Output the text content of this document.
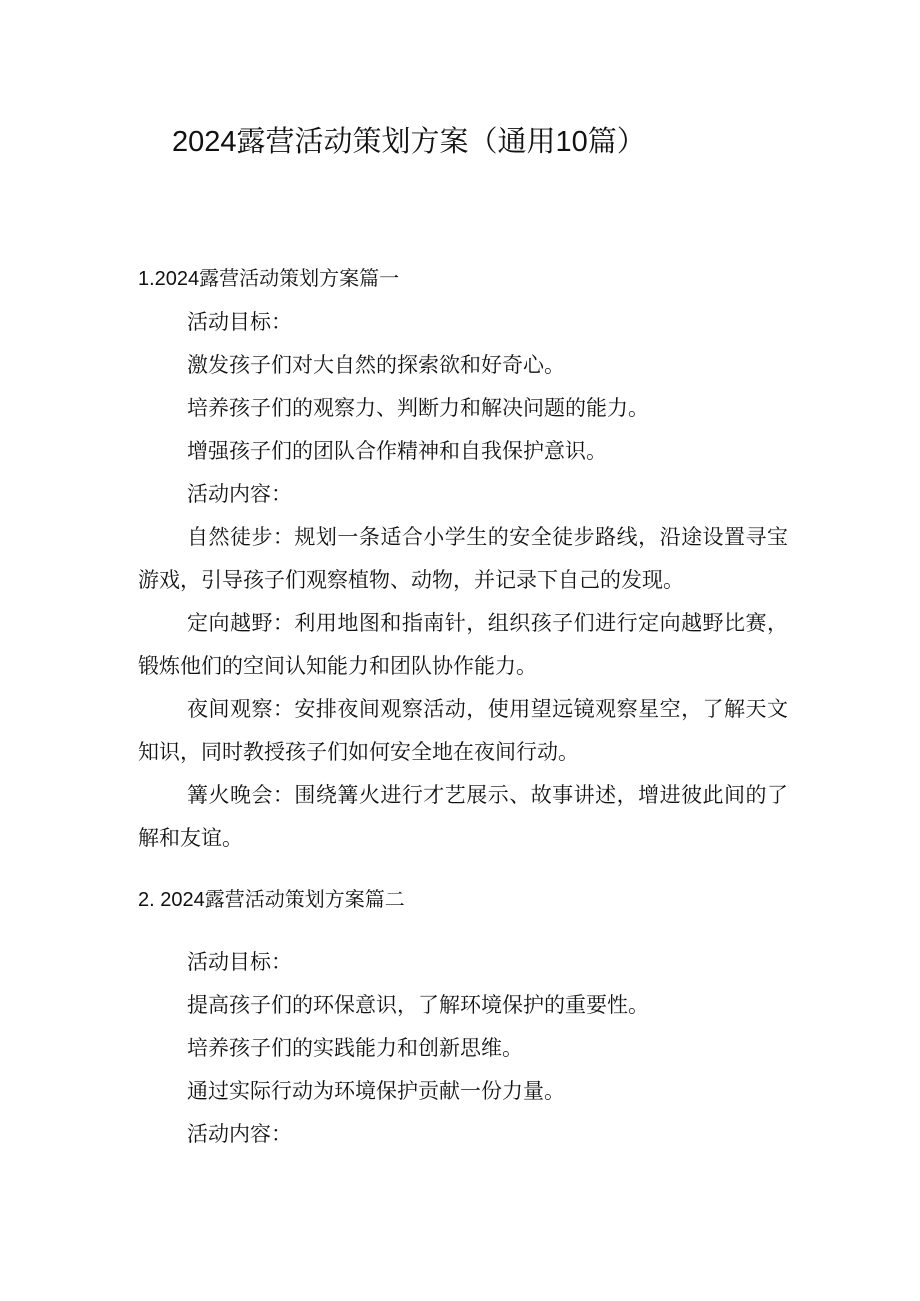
2024露营活动策划方案（通用10篇）
1.2024露营活动策划方案篇一
活动目标：
激发孩子们对大自然的探索欲和好奇心。
培养孩子们的观察力、判断力和解决问题的能力。
增强孩子们的团队合作精神和自我保护意识。
活动内容：
自然徒步：规划一条适合小学生的安全徒步路线，沿途设置寻宝游戏，引导孩子们观察植物、动物，并记录下自己的发现。
定向越野：利用地图和指南针，组织孩子们进行定向越野比赛，锻炼他们的空间认知能力和团队协作能力。
夜间观察：安排夜间观察活动，使用望远镜观察星空，了解天文知识，同时教授孩子们如何安全地在夜间行动。
篝火晚会：围绕篝火进行才艺展示、故事讲述，增进彼此间的了解和友谊。
2. 2024露营活动策划方案篇二
活动目标：
提高孩子们的环保意识，了解环境保护的重要性。
培养孩子们的实践能力和创新思维。
通过实际行动为环境保护贡献一份力量。
活动内容：
